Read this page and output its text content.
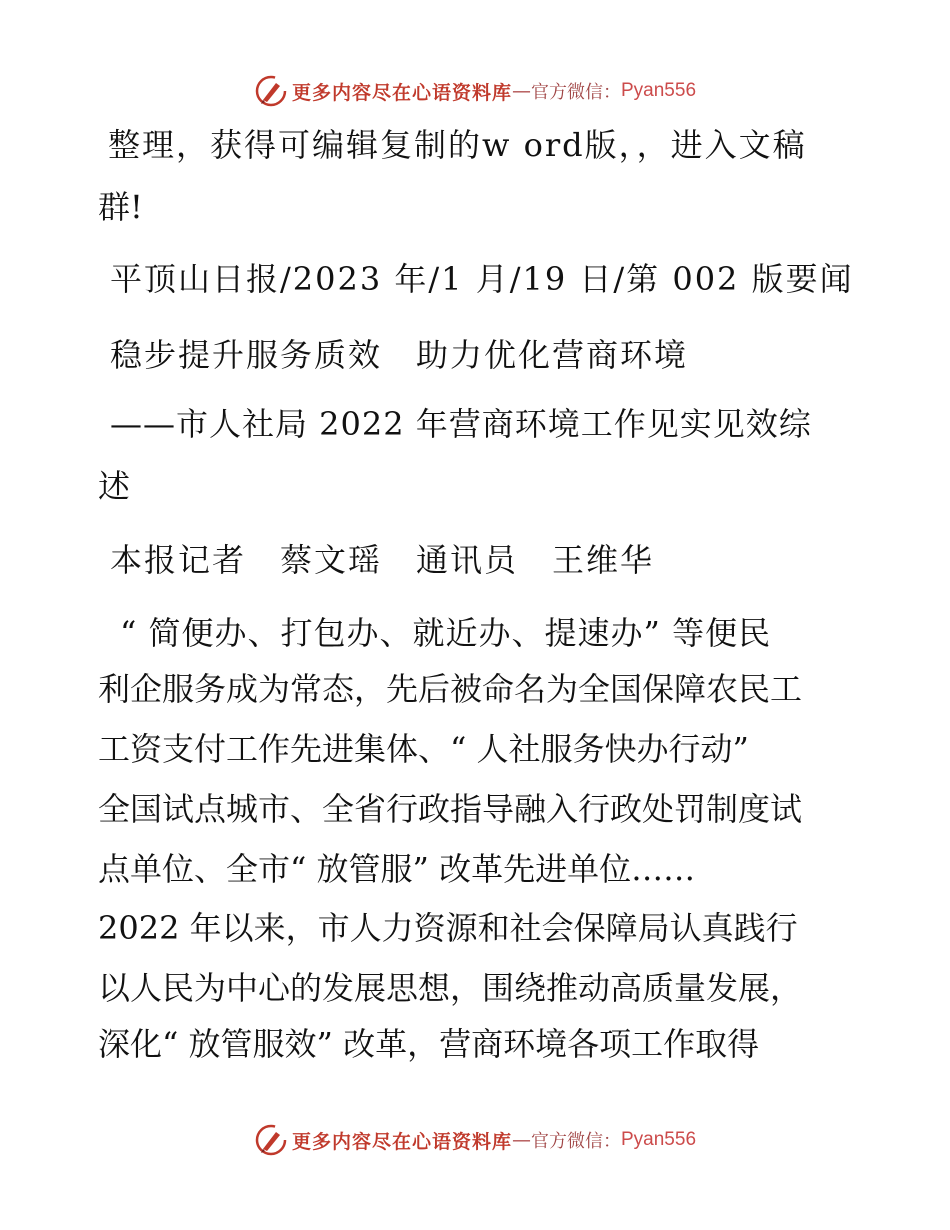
更多内容尽在心语资料库 — 官方微信： Pyan556
整理，获得可编辑复制的w ord版，，进入文稿
群!
平顶山日报/2023 年/1 月/19 日/第 002 版要闻
稳步提升服务质效　助力优化营商环境
——市人社局 2022 年营商环境工作见实见效综
述
本报记者　蔡文瑶　通讯员　王维华
“ 简便办、打包办、就近办、提速办” 等便民
利企服务成为常态，先后被命名为全国保障农民工
工资支付工作先进集体、“ 人社服务快办行动”
全国试点城市、全省行政指导融入行政处罚制度试
点单位、全市“ 放管服” 改革先进单位……
2022 年以来，市人力资源和社会保障局认真践行
以人民为中心的发展思想，围绕推动高质量发展，
深化“ 放管服效” 改革，营商环境各项工作取得
更多内容尽在心语资料库 — 官方微信： Pyan556
